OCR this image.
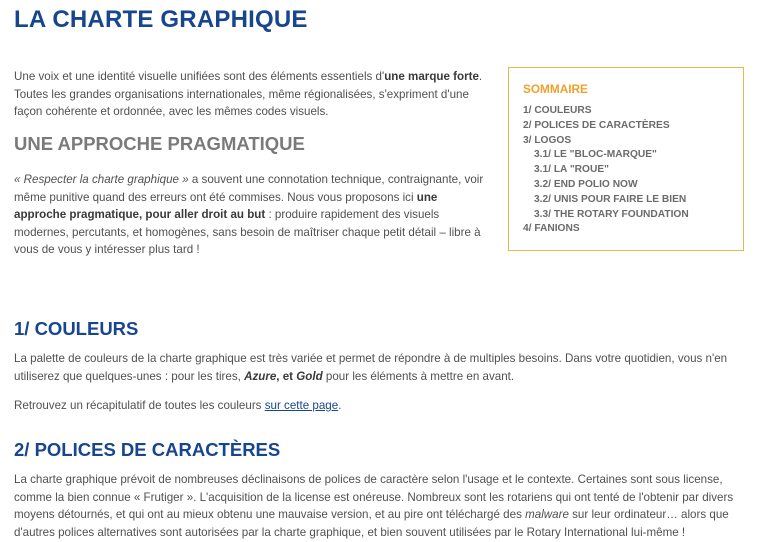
LA CHARTE GRAPHIQUE

Une voix et une identité visuelle unifiées sont des éléments essentiels d'une marque forte. Toutes les grandes organisations internationales, même régionalisées, s'expriment d'une façon cohérente et ordonnée, avec les mêmes codes visuels.

UNE APPROCHE PRAGMATIQUE

« Respecter la charte graphique » a souvent une connotation technique, contraignante, voir même punitive quand des erreurs ont été commises. Nous vous proposons ici une approche pragmatique, pour aller droit au but : produire rapidement des visuels modernes, percutants, et homogènes, sans besoin de maîtriser chaque petit détail – libre à vous de vous y intéresser plus tard !

SOMMAIRE
1/ COULEURS
2/ POLICES DE CARACTÈRES
3/ LOGOS
3.1/ LE "BLOC-MARQUE"
3.1/ LA "ROUE"
3.2/ END POLIO NOW
3.2/ UNIS POUR FAIRE LE BIEN
3.3/ THE ROTARY FOUNDATION
4/ FANIONS
1/ COULEURS

La palette de couleurs de la charte graphique est très variée et permet de répondre à de multiples besoins. Dans votre quotidien, vous n'en utiliserez que quelques-unes : pour les tires, Azure, et Gold pour les éléments à mettre en avant.

Retrouvez un récapitulatif de toutes les couleurs sur cette page.

2/ POLICES DE CARACTÈRES

La charte graphique prévoit de nombreuses déclinaisons de polices de caractère selon l'usage et le contexte. Certaines sont sous license, comme la bien connue « Frutiger ». L'acquisition de la license est onéreuse. Nombreux sont les rotariens qui ont tenté de l'obtenir par divers moyens détournés, et qui ont au mieux obtenu une mauvaise version, et au pire ont téléchargé des malware sur leur ordinateur… alors que d'autres polices alternatives sont autorisées par la charte graphique, et bien souvent utilisées par le Rotary International lui-même !
